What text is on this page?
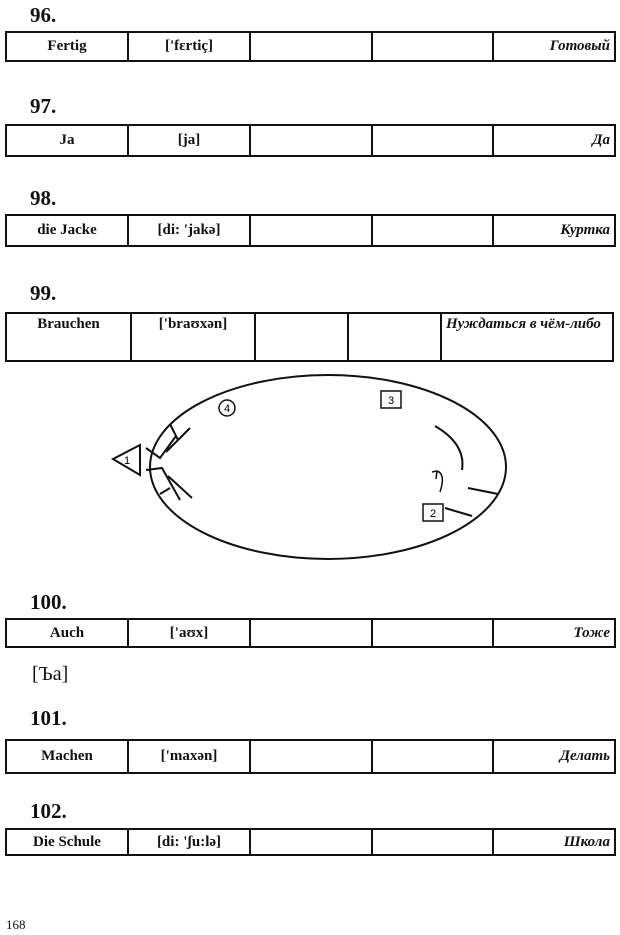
96.
Fertig	['fɛrtiç]			Готовый
97.
Ja	[ja]			Да
98.
die Jacke	[di: 'jakə]			Куртка
99.
Brauchen	['braʊxən]			Нуждаться в чём-либо
1
4
3
2
100.
Auch	['aʊx]			Тоже
[Ъa]
101.
Machen	['maxən]			Делать
102.
Die Schule	[di: 'ʃu:lə]			Школа
168
